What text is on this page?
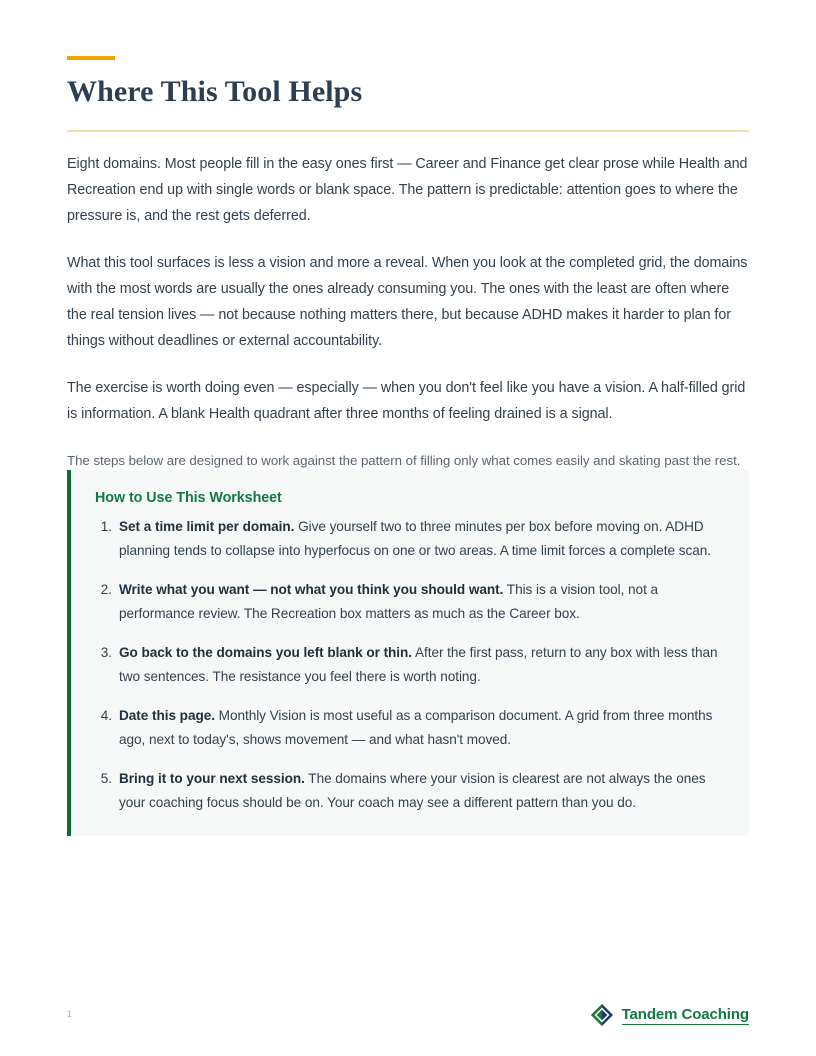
Where This Tool Helps

Eight domains. Most people fill in the easy ones first — Career and Finance get clear prose while Health and Recreation end up with single words or blank space. The pattern is predictable: attention goes to where the pressure is, and the rest gets deferred.

What this tool surfaces is less a vision and more a reveal. When you look at the completed grid, the domains with the most words are usually the ones already consuming you. The ones with the least are often where the real tension lives — not because nothing matters there, but because ADHD makes it harder to plan for things without deadlines or external accountability.

The exercise is worth doing even — especially — when you don't feel like you have a vision. A half-filled grid is information. A blank Health quadrant after three months of feeling drained is a signal.

The steps below are designed to work against the pattern of filling only what comes easily and skating past the rest.

How to Use This Worksheet
1. Set a time limit per domain. Give yourself two to three minutes per box before moving on. ADHD planning tends to collapse into hyperfocus on one or two areas. A time limit forces a complete scan.
2. Write what you want — not what you think you should want. This is a vision tool, not a performance review. The Recreation box matters as much as the Career box.
3. Go back to the domains you left blank or thin. After the first pass, return to any box with less than two sentences. The resistance you feel there is worth noting.
4. Date this page. Monthly Vision is most useful as a comparison document. A grid from three months ago, next to today's, shows movement — and what hasn't moved.
5. Bring it to your next session. The domains where your vision is clearest are not always the ones your coaching focus should be on. Your coach may see a different pattern than you do.
1	Tandem Coaching
